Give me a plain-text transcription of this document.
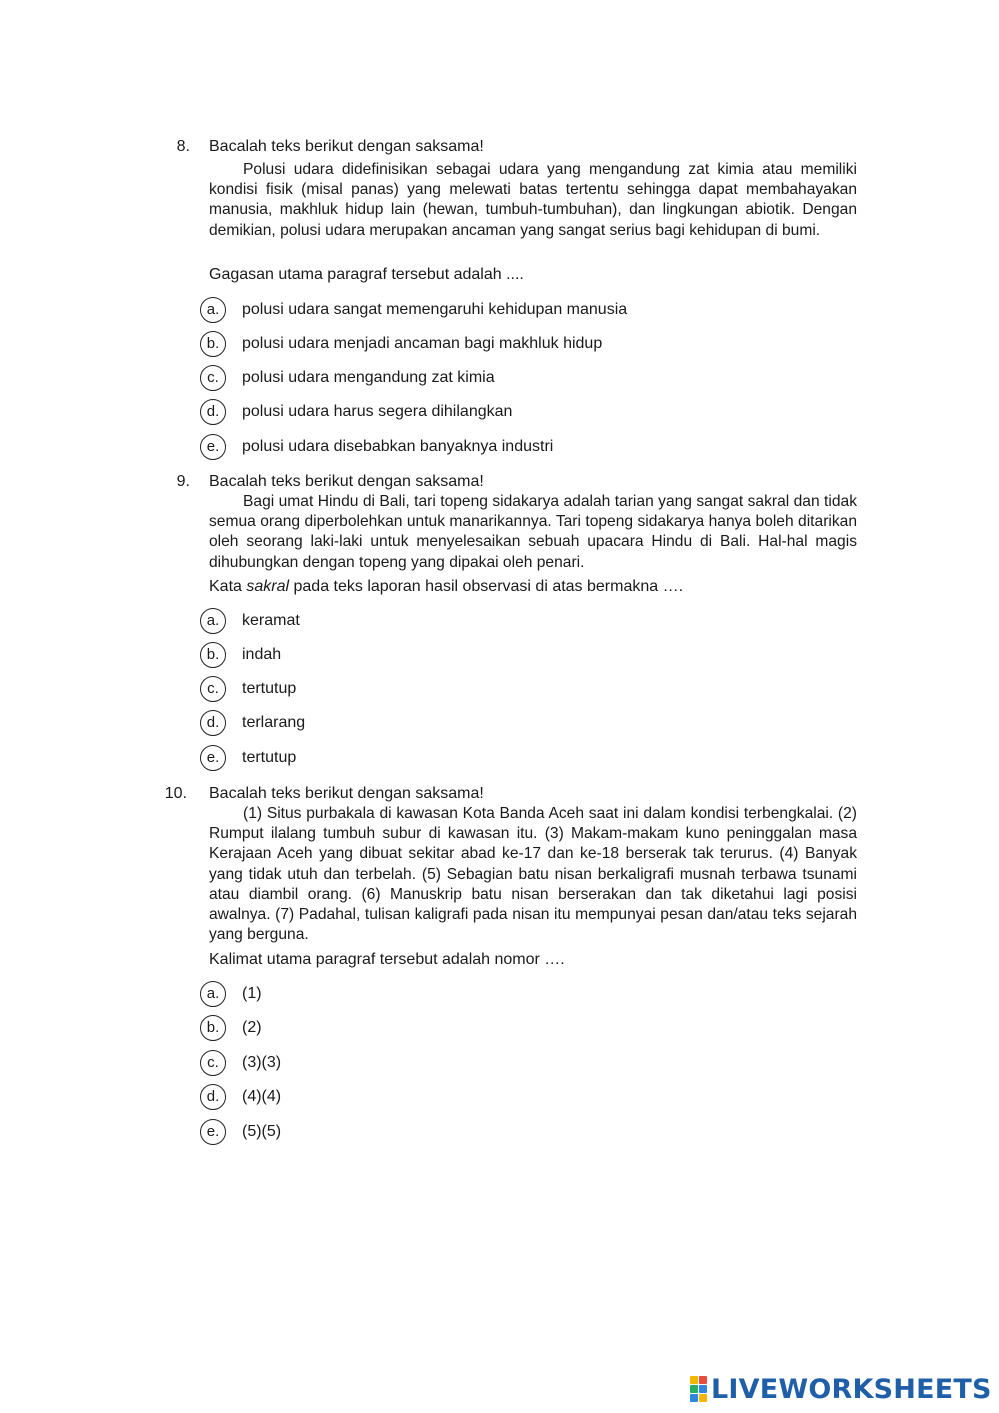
8. Bacalah teks berikut dengan saksama!

Polusi udara didefinisikan sebagai udara yang mengandung zat kimia atau memiliki kondisi fisik (misal panas) yang melewati batas tertentu sehingga dapat membahayakan manusia, makhluk hidup lain (hewan, tumbuh-tumbuhan), dan lingkungan abiotik. Dengan demikian, polusi udara merupakan ancaman yang sangat serius bagi kehidupan di bumi.

Gagasan utama paragraf tersebut adalah ....
a.	polusi udara sangat memengaruhi kehidupan manusia
b.	polusi udara menjadi ancaman bagi makhluk hidup
c.	polusi udara mengandung zat kimia
d.	polusi udara harus segera dihilangkan
e.	polusi udara disebabkan banyaknya industri
9. Bacalah teks berikut dengan saksama!

Bagi umat Hindu di Bali, tari topeng sidakarya adalah tarian yang sangat sakral dan tidak semua orang diperbolehkan untuk manarikannya. Tari topeng sidakarya hanya boleh ditarikan oleh seorang laki-laki untuk menyelesaikan sebuah upacara Hindu di Bali. Hal-hal magis dihubungkan dengan topeng yang dipakai oleh penari.

Kata sakral pada teks laporan hasil observasi di atas bermakna ….
a.	keramat
b.	indah
c.	tertutup
d.	terlarang
e.	tertutup
10. Bacalah teks berikut dengan saksama!

(1) Situs purbakala di kawasan Kota Banda Aceh saat ini dalam kondisi terbengkalai. (2) Rumput ilalang tumbuh subur di kawasan itu. (3) Makam-makam kuno peninggalan masa Kerajaan Aceh yang dibuat sekitar abad ke-17 dan ke-18 berserak tak terurus. (4) Banyak yang tidak utuh dan terbelah. (5) Sebagian batu nisan berkaligrafi musnah terbawa tsunami atau diambil orang. (6) Manuskrip batu nisan berserakan dan tak diketahui lagi posisi awalnya. (7) Padahal, tulisan kaligrafi pada nisan itu mempunyai pesan dan/atau teks sejarah yang berguna.

Kalimat utama paragraf tersebut adalah nomor ….
a.	(1)
b.	(2)
c.	(3)(3)
d.	(4)(4)
e.	(5)(5)
LIVEWORKSHEETS
